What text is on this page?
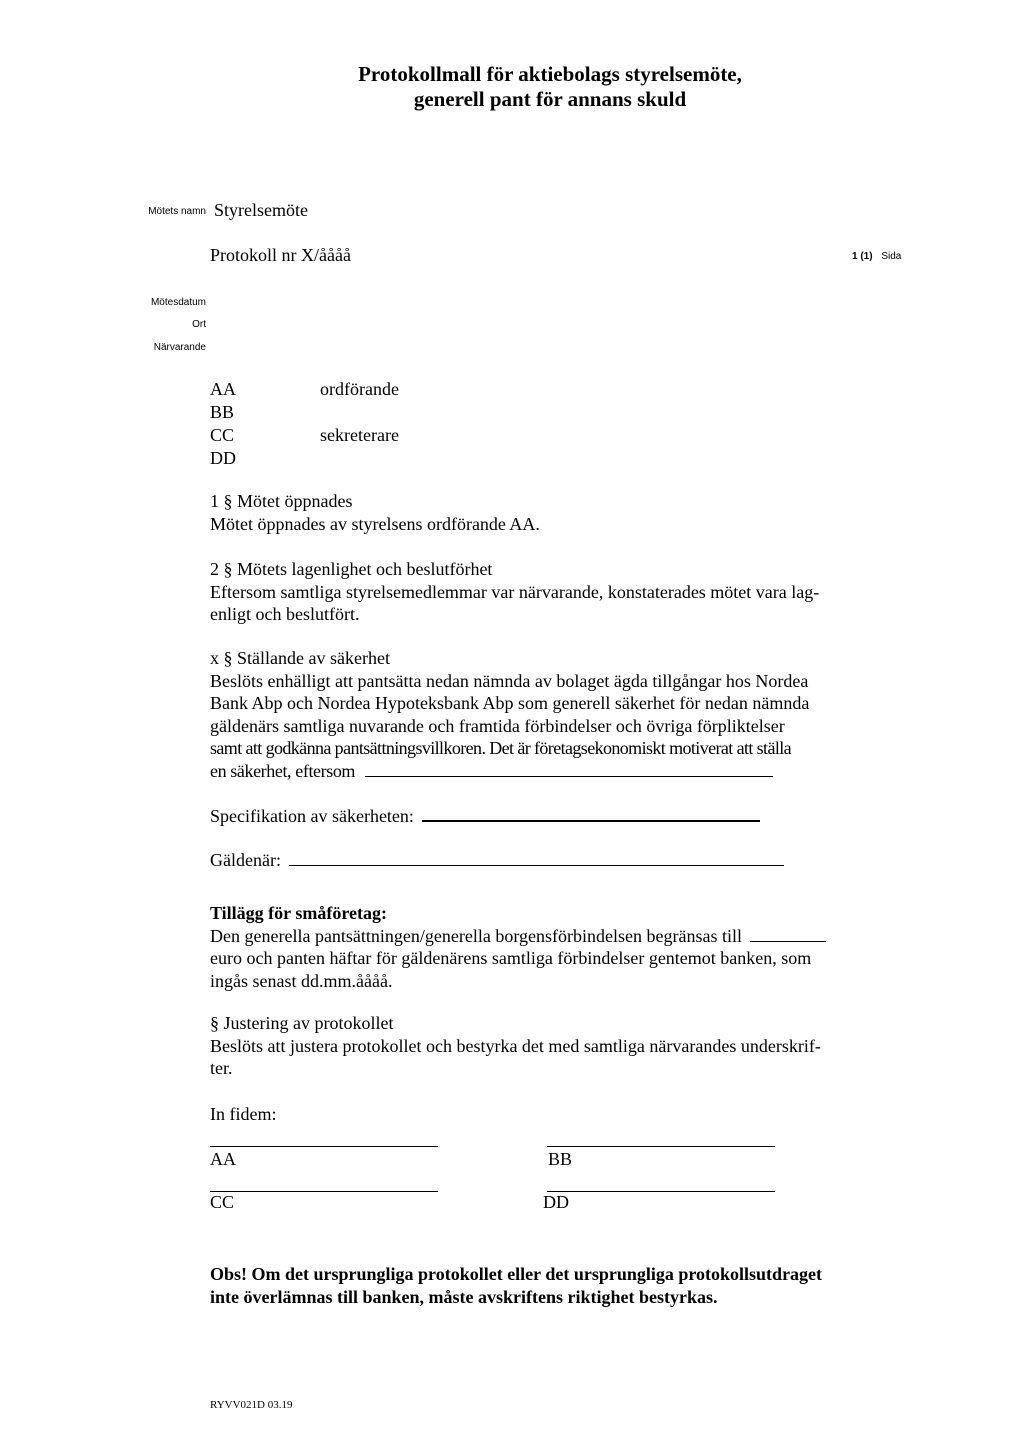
Protokollmall för aktiebolags styrelsemöte,
generell pant för annans skuld
Mötets namn Styrelsemöte
Protokoll nr X/åååå	1 (1) Sida
Mötesdatum
Ort
Närvarande
AA	ordförande
BB
CC	sekreterare
DD
1 § Mötet öppnades
Mötet öppnades av styrelsens ordförande AA.
2 § Mötets lagenlighet och beslutförhet
Eftersom samtliga styrelsemedlemmar var närvarande, konstaterades mötet vara lag-
enligt och beslutfört.
x § Ställande av säkerhet
Beslöts enhälligt att pantsätta nedan nämnda av bolaget ägda tillgångar hos Nordea
Bank Abp och Nordea Hypoteksbank Abp som generell säkerhet för nedan nämnda
gäldenärs samtliga nuvarande och framtida förbindelser och övriga förpliktelser
samt att godkänna pantsättningsvillkoren. Det är företagsekonomiskt motiverat att ställa
en säkerhet, eftersom
Specifikation av säkerheten:
Gäldenär:
Tillägg för småföretag:
Den generella pantsättningen/generella borgensförbindelsen begränsas till
euro och panten häftar för gäldenärens samtliga förbindelser gentemot banken, som
ingås senast dd.mm.åååå.
§ Justering av protokollet
Beslöts att justera protokollet och bestyrka det med samtliga närvarandes underskrif-
ter.
In fidem:
AA	BB
CC	DD
Obs! Om det ursprungliga protokollet eller det ursprungliga protokollsutdraget
inte överlämnas till banken, måste avskriftens riktighet bestyrkas.
RYVV021D 03.19
